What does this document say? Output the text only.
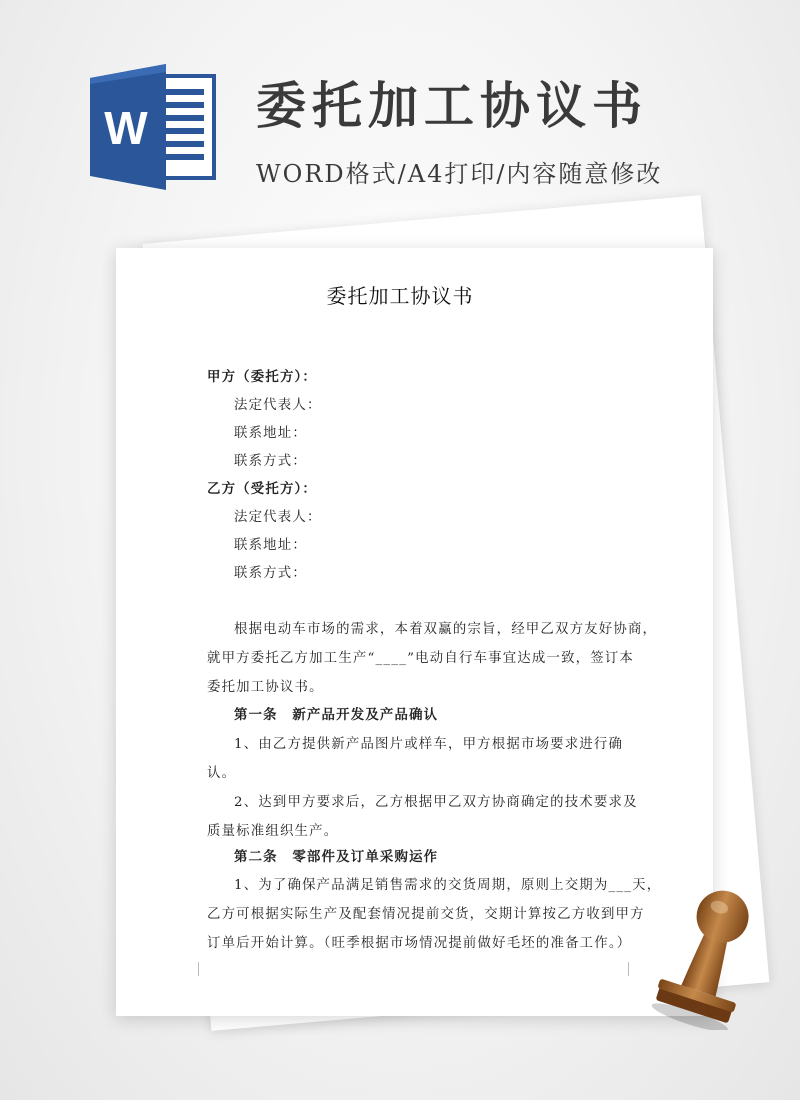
W 委托加工协议书
WORD格式/A4打印/内容随意修改
委托加工协议书
甲方（委托方）：
法定代表人：
联系地址：
联系方式：
乙方（受托方）：
法定代表人：
联系地址：
联系方式：
根据电动车市场的需求，本着双赢的宗旨，经甲乙双方友好协商，
就甲方委托乙方加工生产“____”电动自行车事宜达成一致，签订本
委托加工协议书。
第一条　新产品开发及产品确认
1、由乙方提供新产品图片或样车，甲方根据市场要求进行确
认。
2、达到甲方要求后，乙方根据甲乙双方协商确定的技术要求及
质量标准组织生产。
第二条　零部件及订单采购运作
1、为了确保产品满足销售需求的交货周期，原则上交期为___天，
乙方可根据实际生产及配套情况提前交货，交期计算按乙方收到甲方
订单后开始计算。（旺季根据市场情况提前做好毛坯的准备工作。）
